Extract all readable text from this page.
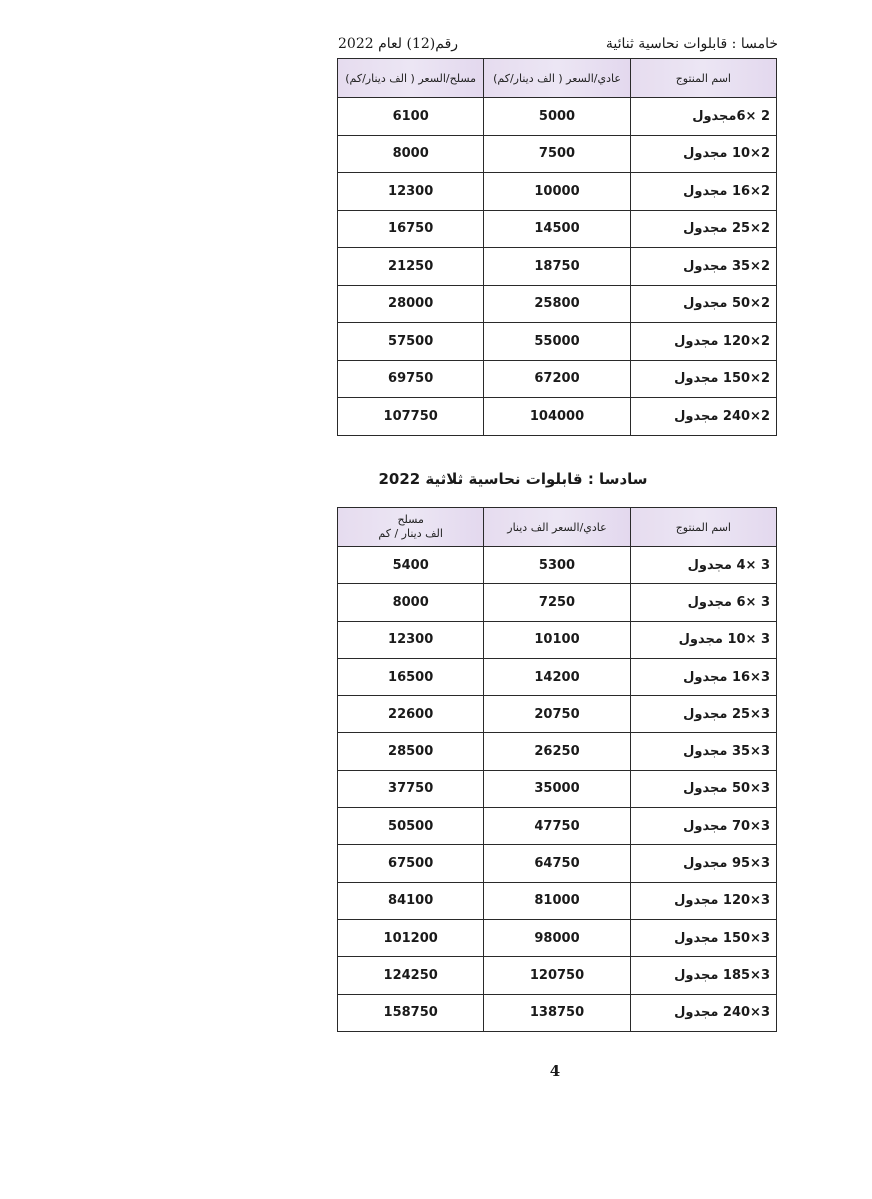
خامسا : قابلوات نحاسية ثنائية
رقم(12) لعام 2022
اسم المنتوج	عادي/السعر ( الف دينار/كم)	مسلح/السعر ( الف دينار/كم)
2 ×6مجدول	5000	6100
2×10 مجدول	7500	8000
2×16 مجدول	10000	12300
2×25 مجدول	14500	16750
2×35 مجدول	18750	21250
2×50 مجدول	25800	28000
2×120 مجدول	55000	57500
2×150 مجدول	67200	69750
2×240 مجدول	104000	107750
سادسا : قابلوات نحاسية ثلاثية 2022
اسم المنتوج	عادي/السعر الف دينار	مسلح
الف دينار / كم
3 ×4 مجدول	5300	5400
3 ×6 مجدول	7250	8000
3 ×10 مجدول	10100	12300
3×16 مجدول	14200	16500
3×25 مجدول	20750	22600
3×35 مجدول	26250	28500
3×50 مجدول	35000	37750
3×70 مجدول	47750	50500
3×95 مجدول	64750	67500
3×120 مجدول	81000	84100
3×150 مجدول	98000	101200
3×185 مجدول	120750	124250
3×240 مجدول	138750	158750
4
